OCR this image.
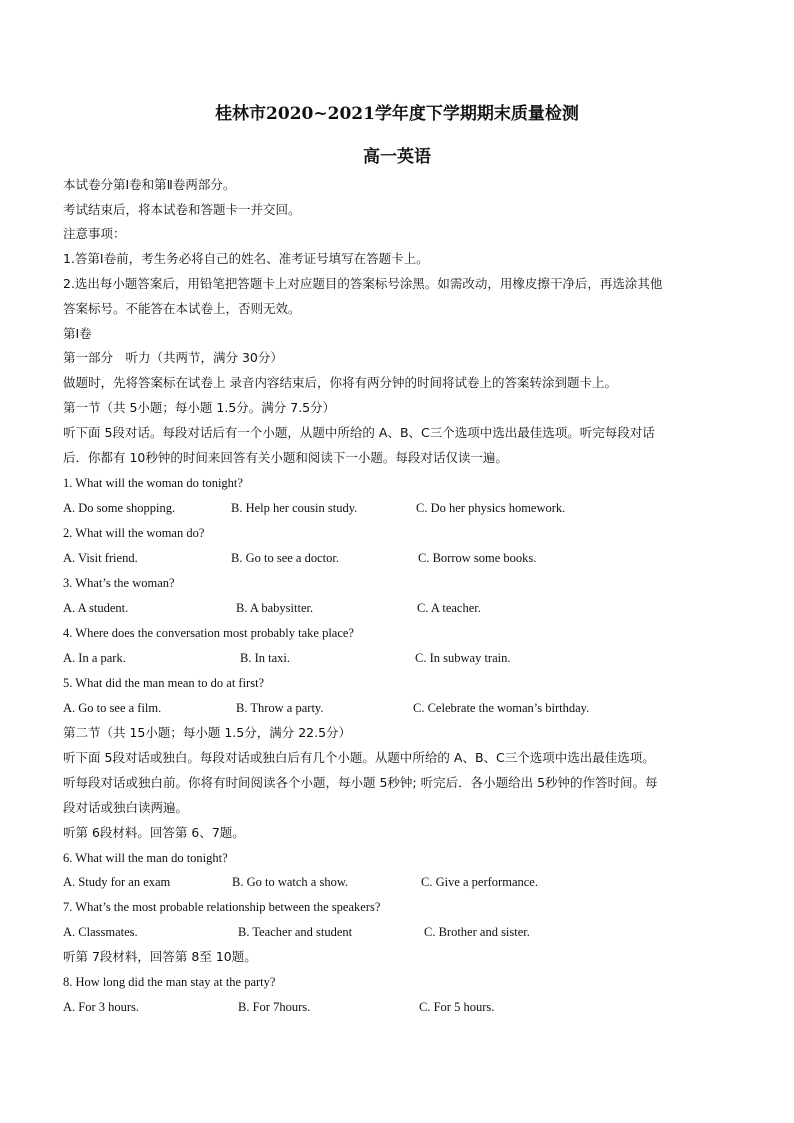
桂林市2020~2021学年度下学期期末质量检测
高一英语
本试卷分第Ⅰ卷和第Ⅱ卷两部分。
考试结束后，将本试卷和答题卡一并交回。
注意事项：
1.答第Ⅰ卷前，考生务必将自己的姓名、准考证号填写在答题卡上。
2.选出每小题答案后，用铅笔把答题卡上对应题目的答案标号涂黑。如需改动，用橡皮擦干净后，再选涂其他
答案标号。不能答在本试卷上，否则无效。
第Ⅰ卷
第一部分　听力（共两节，满分 30分）
做题时，先将答案标在试卷上 录音内容结束后，你将有两分钟的时间将试卷上的答案转涂到题卡上。
第一节（共 5小题；每小题 1.5分。满分 7.5分）
听下面 5段对话。每段对话后有一个小题，从题中所给的 A、B、C三个选项中选出最佳选项。听完每段对话
后．你都有 10秒钟的时间来回答有关小题和阅读下一小题。每段对话仅读一遍。
1. What will the woman do tonight?
A. Do some shopping.	B. Help her cousin study.	C. Do her physics homework.
2. What will the woman do?
A. Visit friend.	B. Go to see a doctor.	C. Borrow some books.
3. What’s the woman?
A. A student.	B. A babysitter.	C. A teacher.
4. Where does the conversation most probably take place?
A. In a park.	B. In taxi.	C. In subway train.
5. What did the man mean to do at first?
A. Go to see a film.	B. Throw a party.	C. Celebrate the woman’s birthday.
第二节（共 15小题；每小题 1.5分，满分 22.5分）
听下面 5段对话或独白。每段对话或独白后有几个小题。从题中所给的 A、B、C三个选项中选出最佳选项。
听每段对话或独白前。你将有时间阅读各个小题，每小题 5秒钟; 听完后．各小题给出 5秒钟的作答时间。每
段对话或独白读两遍。
听第 6段材料。回答第 6、7题。
6. What will the man do tonight?
A. Study for an exam	B. Go to watch a show.	C. Give a performance.
7. What’s the most probable relationship between the speakers?
A. Classmates.	B. Teacher and student	C. Brother and sister.
听第 7段材料，回答第 8至 10题。
8. How long did the man stay at the party?
A. For 3 hours.	B. For 7hours.	C. For 5 hours.
